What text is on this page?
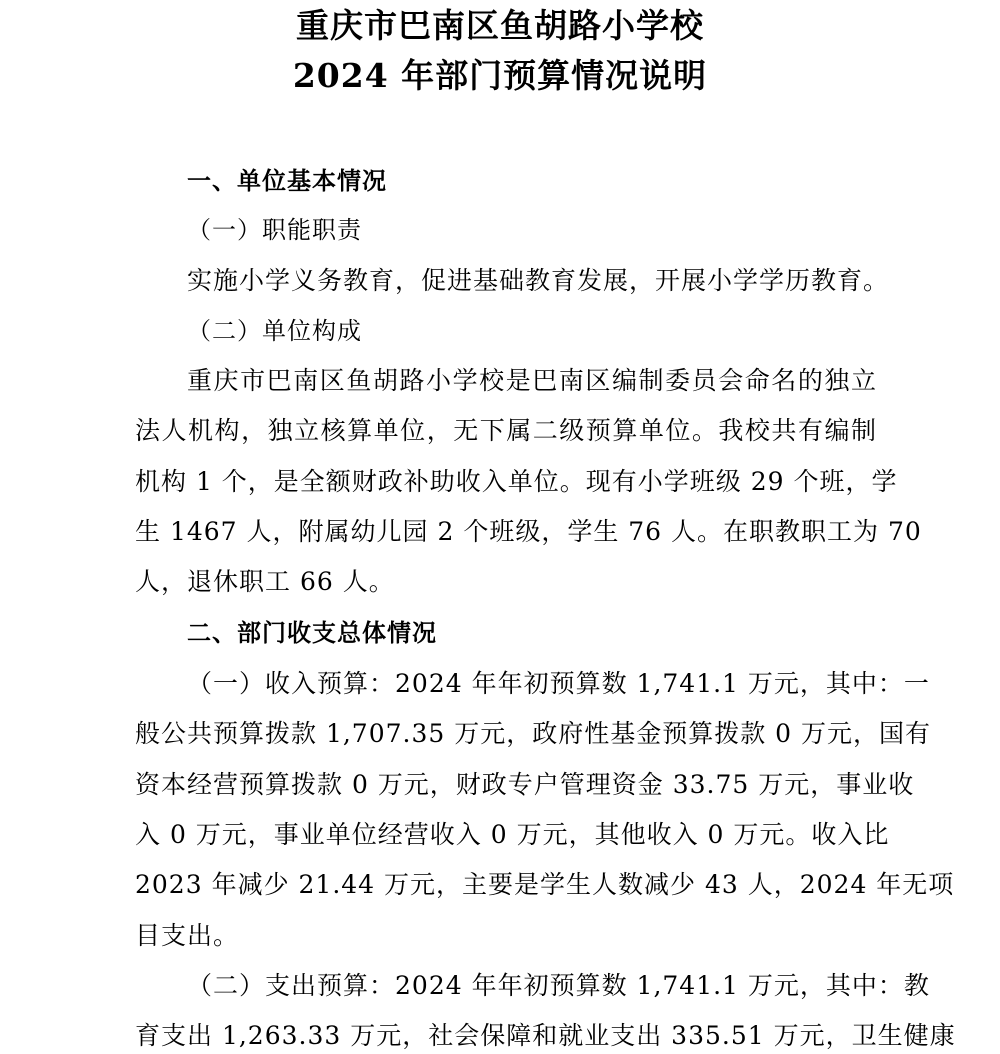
重庆市巴南区鱼胡路小学校
2024 年部门预算情况说明
一、单位基本情况
（一）职能职责
实施小学义务教育，促进基础教育发展，开展小学学历教育。
（二）单位构成
重庆市巴南区鱼胡路小学校是巴南区编制委员会命名的独立
法人机构，独立核算单位，无下属二级预算单位。我校共有编制
机构 1 个，是全额财政补助收入单位。现有小学班级 29 个班，学
生 1467 人，附属幼儿园 2 个班级，学生 76 人。在职教职工为 70
人，退休职工 66 人。
二、部门收支总体情况
（一）收入预算： 2024 年年初预算数 1,741.1 万元，其中：一
般公共预算拨款 1,707.35 万元，政府性基金预算拨款 0 万元，国有
资本经营预算拨款 0 万元，财政专户管理资金 33.75 万元，事业收
入 0 万元，事业单位经营收入 0 万元，其他收入 0 万元。收入比
2023 年减少 21.44 万元，主要是学生人数减少 43 人，2024 年无项
目支出。
（二）支出预算： 2024 年年初预算数 1,741.1 万元，其中：教
育支出 1,263.33 万元，社会保障和就业支出 335.51 万元，卫生健康
